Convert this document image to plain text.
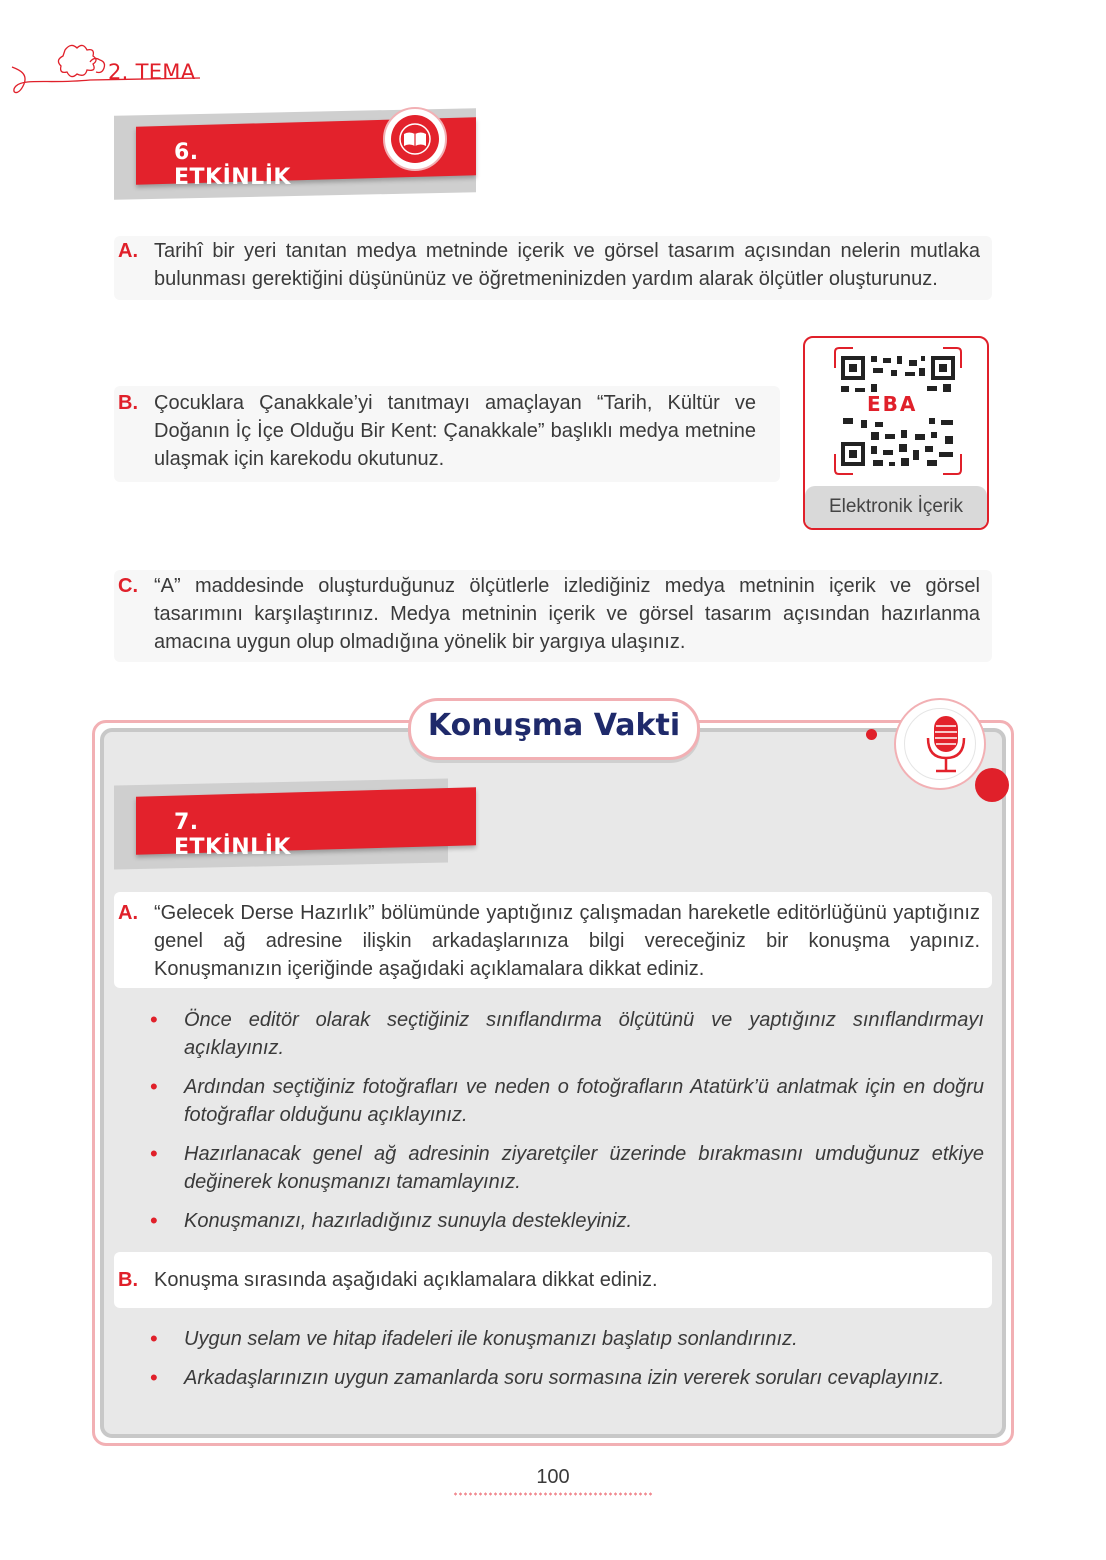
2. TEMA
6. ETKİNLİK
A. Tarihî bir yeri tanıtan medya metninde içerik ve görsel tasarım açısından nelerin mutlaka bulunması gerektiğini düşününüz ve öğretmeninizden yardım alarak ölçütler oluşturunuz.
B. Çocuklara Çanakkale’yi tanıtmayı amaçlayan “Tarih, Kültür ve Doğanın İç İçe Olduğu Bir Kent: Çanakkale” başlıklı medya metnine ulaşmak için karekodu okutunuz.
EBA
Elektronik İçerik
C. “A” maddesinde oluşturduğunuz ölçütlerle izlediğiniz medya metninin içerik ve görsel tasarımını karşılaştırınız. Medya metninin içerik ve görsel tasarım açısından hazırlanma amacına uygun olup olmadığına yönelik bir yargıya ulaşınız.
Konuşma Vakti
7. ETKİNLİK
A. “Gelecek Derse Hazırlık” bölümünde yaptığınız çalışmadan hareketle editörlüğünü yaptığınız genel ağ adresine ilişkin arkadaşlarınıza bilgi vereceğiniz bir konuşma yapınız. Konuşmanızın içeriğinde aşağıdaki açıklamalara dikkat ediniz.
• Önce editör olarak seçtiğiniz sınıflandırma ölçütünü ve yaptığınız sınıflandırmayı açıklayınız.
• Ardından seçtiğiniz fotoğrafları ve neden o fotoğrafların Atatürk’ü anlatmak için en doğru fotoğraflar olduğunu açıklayınız.
• Hazırlanacak genel ağ adresinin ziyaretçiler üzerinde bırakmasını umduğunuz etkiye değinerek konuşmanızı tamamlayınız.
• Konuşmanızı, hazırladığınız sunuyla destekleyiniz.
B. Konuşma sırasında aşağıdaki açıklamalara dikkat ediniz.
• Uygun selam ve hitap ifadeleri ile konuşmanızı başlatıp sonlandırınız.
• Arkadaşlarınızın uygun zamanlarda soru sormasına izin vererek soruları cevaplayınız.
100
